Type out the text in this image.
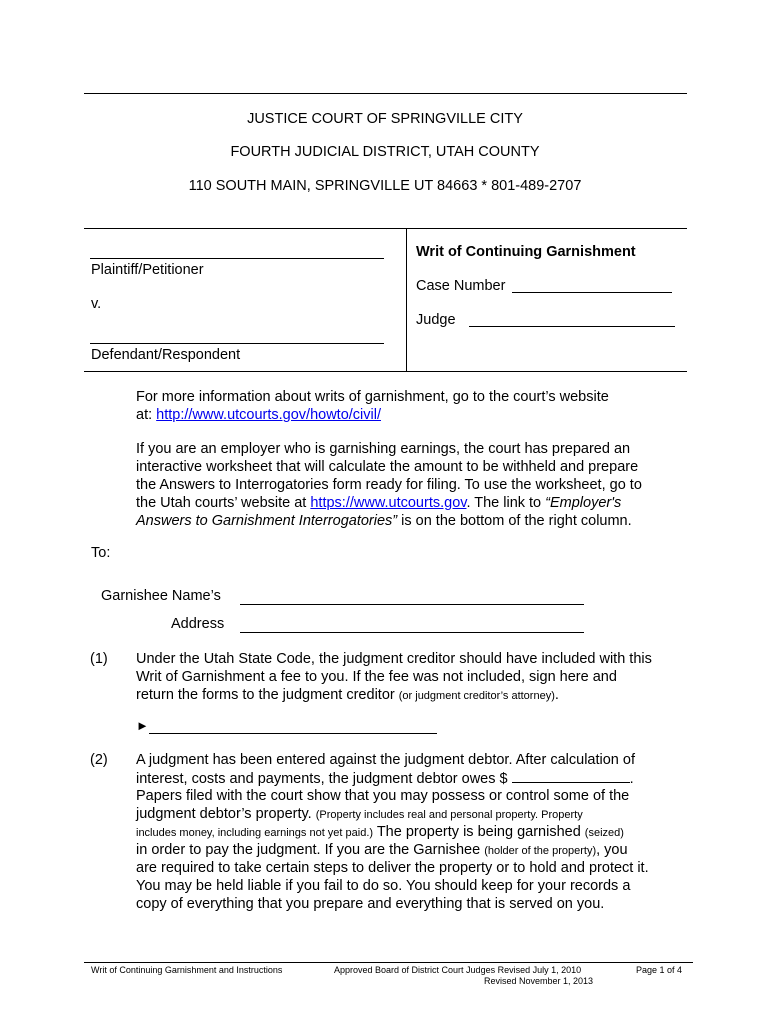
JUSTICE COURT OF SPRINGVILLE CITY
FOURTH JUDICIAL DISTRICT, UTAH COUNTY
110 SOUTH MAIN, SPRINGVILLE UT 84663 * 801-489-2707
Plaintiff/Petitioner
v.
Defendant/Respondent
Writ of Continuing Garnishment
Case Number
Judge
For more information about writs of garnishment, go to the court’s website
at: http://www.utcourts.gov/howto/civil/
If you are an employer who is garnishing earnings, the court has prepared an
interactive worksheet that will calculate the amount to be withheld and prepare
the Answers to Interrogatories form ready for filing. To use the worksheet, go to
the Utah courts’ website at https://www.utcourts.gov. The link to “Employer's
Answers to Garnishment Interrogatories” is on the bottom of the right column.
To:
Garnishee Name’s
Address
(1) Under the Utah State Code, the judgment creditor should have included with this
Writ of Garnishment a fee to you. If the fee was not included, sign here and
return the forms to the judgment creditor (or judgment creditor’s attorney).
►
(2) A judgment has been entered against the judgment debtor. After calculation of
interest, costs and payments, the judgment debtor owes $	.
Papers filed with the court show that you may possess or control some of the
judgment debtor’s property. (Property includes real and personal property. Property
includes money, including earnings not yet paid.) The property is being garnished (seized)
in order to pay the judgment. If you are the Garnishee (holder of the property), you
are required to take certain steps to deliver the property or to hold and protect it.
You may be held liable if you fail to do so. You should keep for your records a
copy of everything that you prepare and everything that is served on you.
Writ of Continuing Garnishment and Instructions	Approved Board of District Court Judges Revised July 1, 2010
Revised November 1, 2013
Page 1 of 4
